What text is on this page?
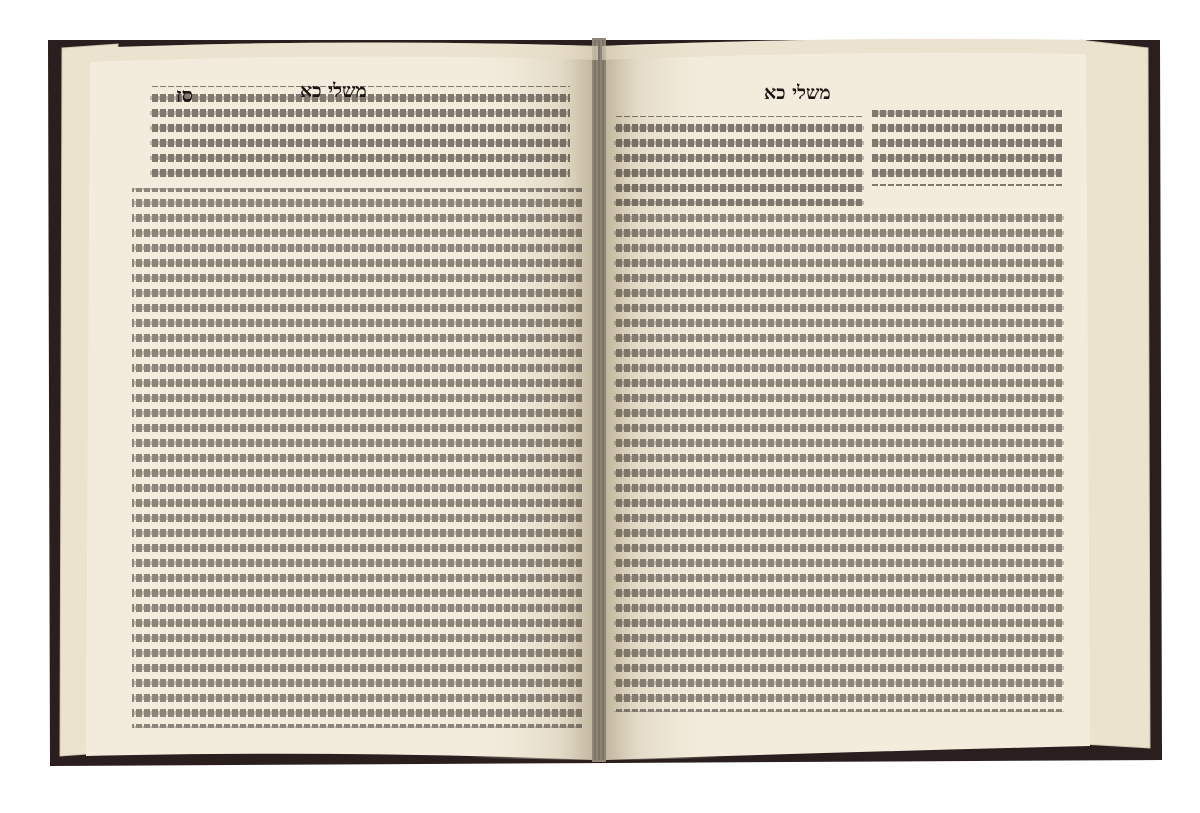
משלי כא
סז	משלי כא
